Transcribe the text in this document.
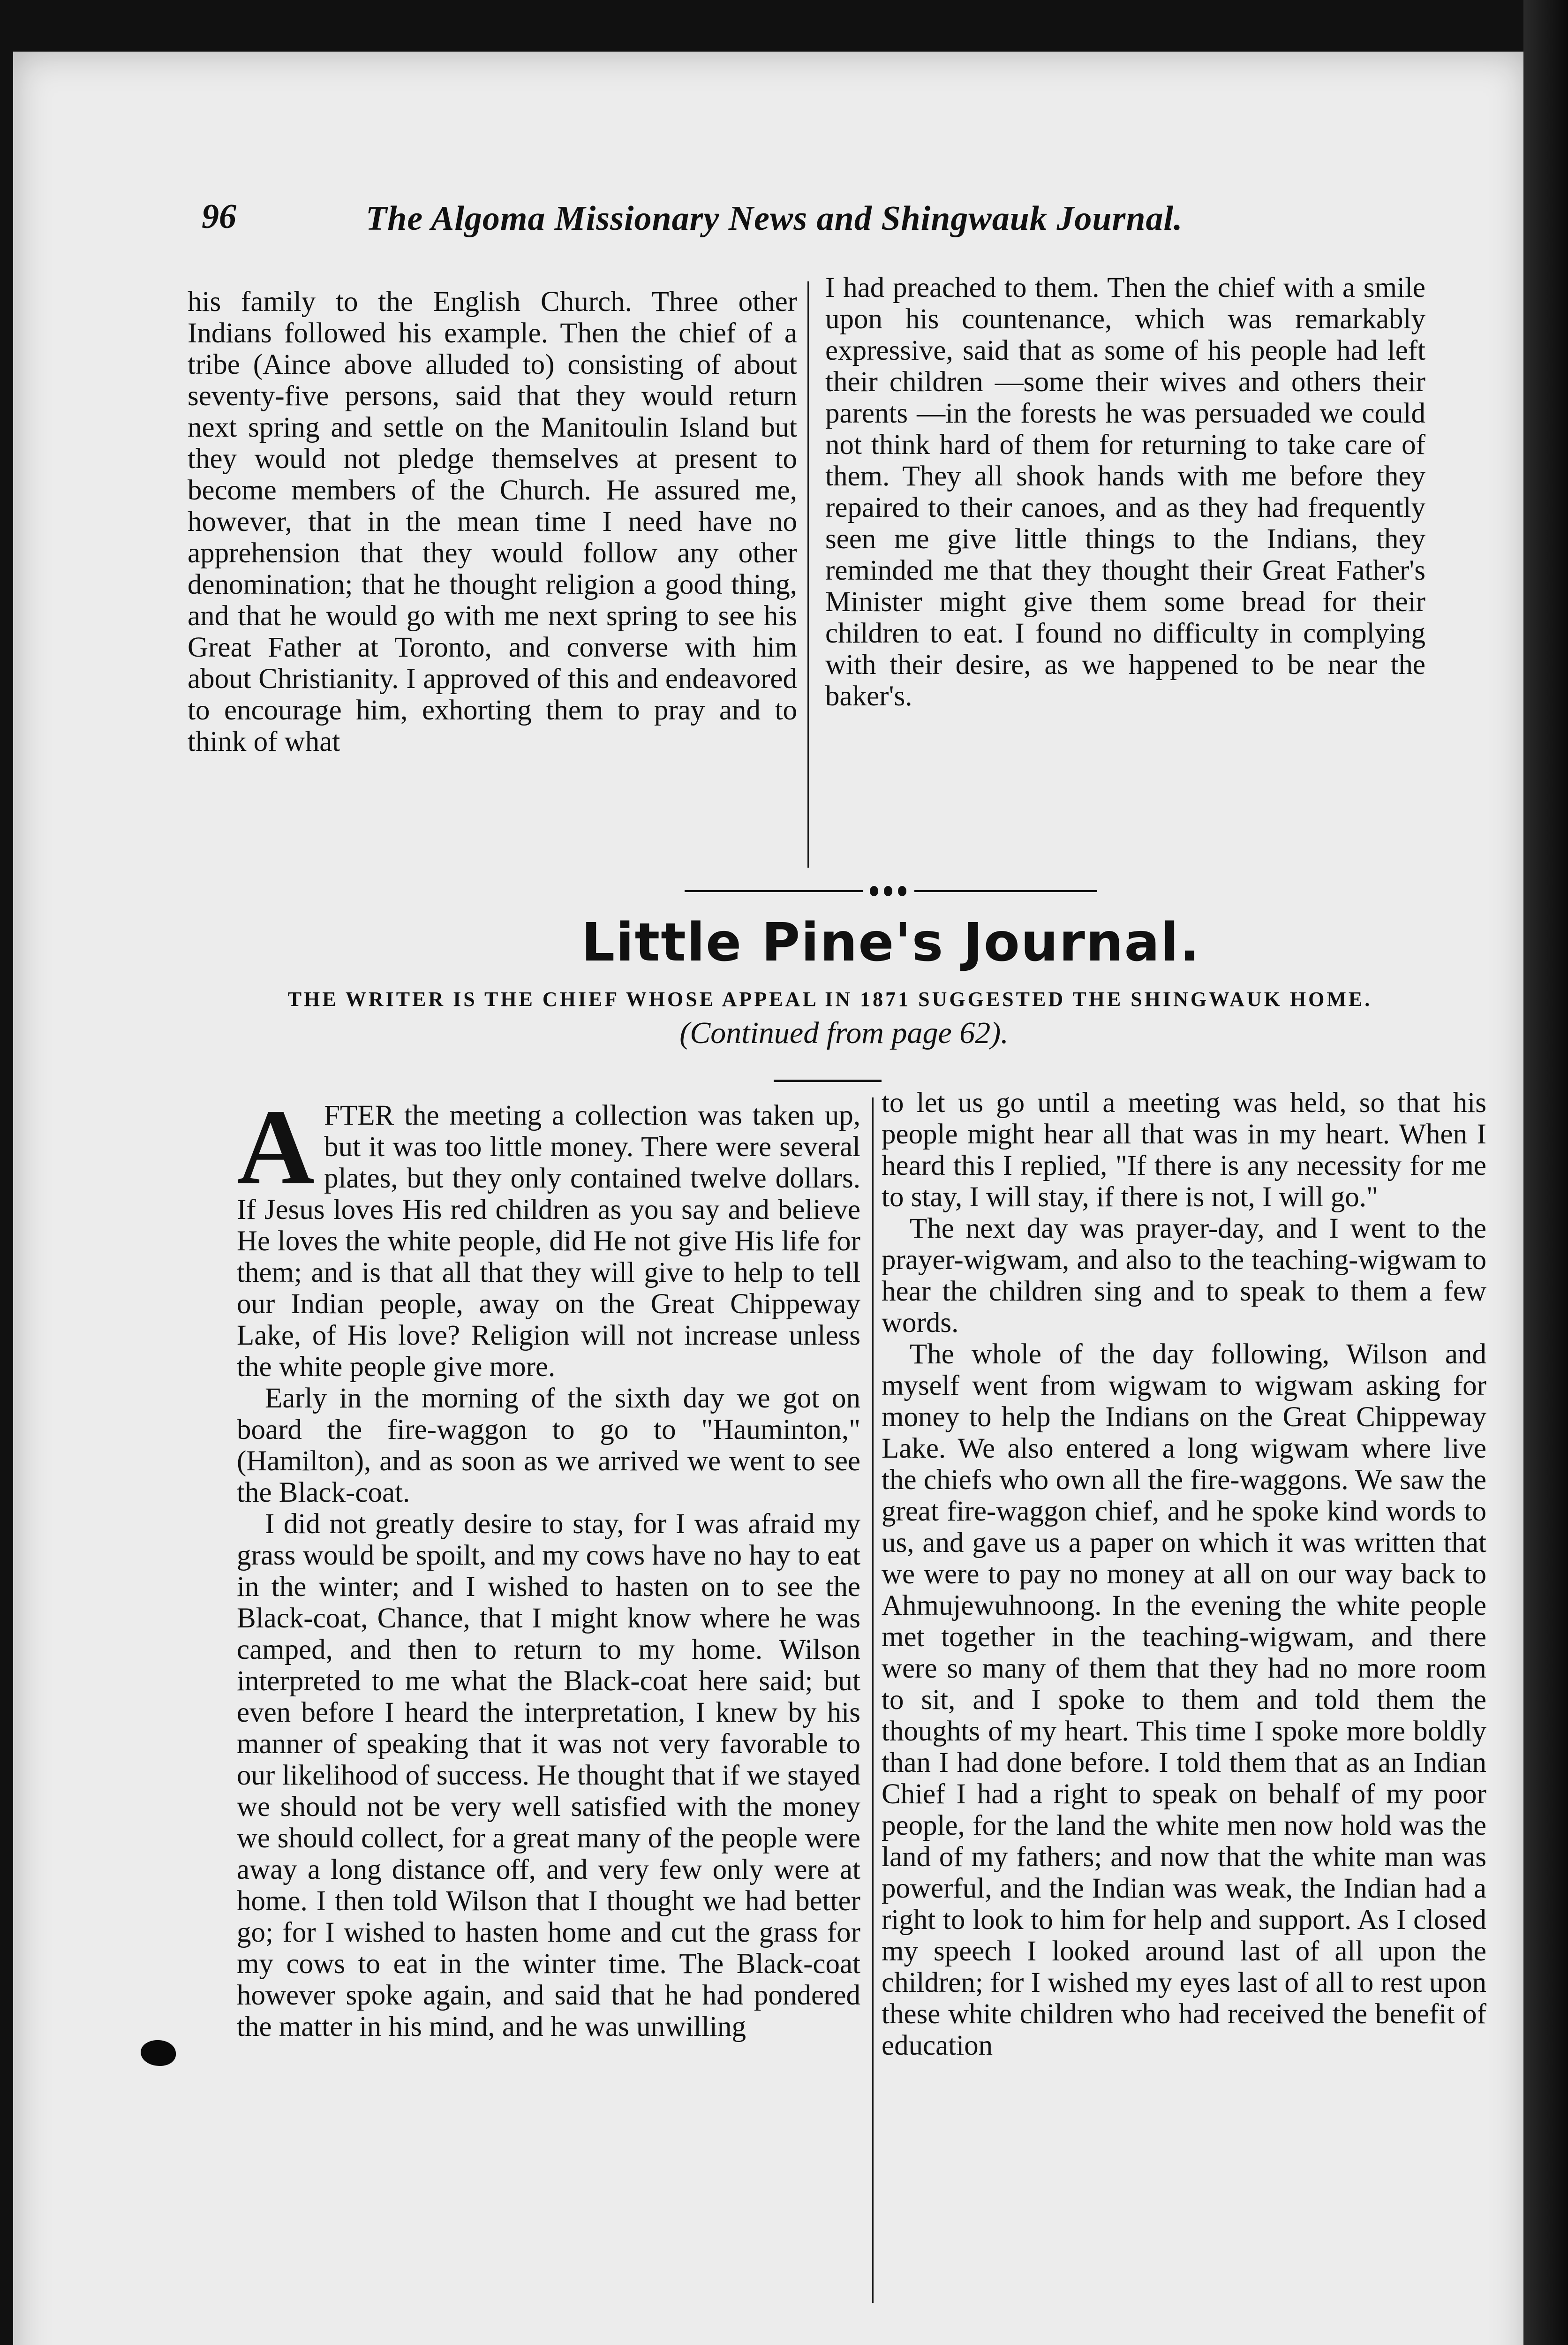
96	The Algoma Missionary News and Shingwauk Journal.

his family to the English Church. Three other Indians followed his example. Then the chief of a tribe (Aince above alluded to) consisting of about seventy-five persons, said that they would return next spring and settle on the Manitoulin Island but they would not pledge themselves at present to become members of the Church. He assured me, however, that in the mean time I need have no apprehension that they would follow any other denomination; that he thought religion a good thing, and that he would go with me next spring to see his Great Father at Toronto, and converse with him about Christianity. I approved of this and endeavored to encourage him, exhorting them to pray and to think of what

I had preached to them. Then the chief with a smile upon his countenance, which was remarkably expressive, said that as some of his people had left their children —some their wives and others their parents —in the forests he was persuaded we could not think hard of them for returning to take care of them. They all shook hands with me before they repaired to their canoes, and as they had frequently seen me give little things to the Indians, they reminded me that they thought their Great Father's Minister might give them some bread for their children to eat. I found no difficulty in complying with their desire, as we happened to be near the baker's.

Little Pine's Journal.
THE WRITER IS THE CHIEF WHOSE APPEAL IN 1871 SUGGESTED THE SHINGWAUK HOME.
(Continued from page 62).

AFTER the meeting a collection was taken up, but it was too little money. There were several plates, but they only contained twelve dollars. If Jesus loves His red children as you say and believe He loves the white people, did He not give His life for them; and is that all that they will give to help to tell our Indian people, away on the Great Chippeway Lake, of His love? Religion will not increase unless the white people give more.

Early in the morning of the sixth day we got on board the fire-waggon to go to "Hauminton," (Hamilton), and as soon as we arrived we went to see the Black-coat.

I did not greatly desire to stay, for I was afraid my grass would be spoilt, and my cows have no hay to eat in the winter; and I wished to hasten on to see the Black-coat, Chance, that I might know where he was camped, and then to return to my home. Wilson interpreted to me what the Black-coat here said; but even before I heard the interpretation, I knew by his manner of speaking that it was not very favorable to our likelihood of success. He thought that if we stayed we should not be very well satisfied with the money we should collect, for a great many of the people were away a long distance off, and very few only were at home. I then told Wilson that I thought we had better go; for I wished to hasten home and cut the grass for my cows to eat in the winter time. The Black-coat however spoke again, and said that he had pondered the matter in his mind, and he was unwilling

to let us go until a meeting was held, so that his people might hear all that was in my heart. When I heard this I replied, "If there is any necessity for me to stay, I will stay, if there is not, I will go."

The next day was prayer-day, and I went to the prayer-wigwam, and also to the teaching-wigwam to hear the children sing and to speak to them a few words.

The whole of the day following, Wilson and myself went from wigwam to wigwam asking for money to help the Indians on the Great Chippeway Lake. We also entered a long wigwam where live the chiefs who own all the fire-waggons. We saw the great fire-waggon chief, and he spoke kind words to us, and gave us a paper on which it was written that we were to pay no money at all on our way back to Ahmujewuhnoong. In the evening the white people met together in the teaching-wigwam, and there were so many of them that they had no more room to sit, and I spoke to them and told them the thoughts of my heart. This time I spoke more boldly than I had done before. I told them that as an Indian Chief I had a right to speak on behalf of my poor people, for the land the white men now hold was the land of my fathers; and now that the white man was powerful, and the Indian was weak, the Indian had a right to look to him for help and support. As I closed my speech I looked around last of all upon the children; for I wished my eyes last of all to rest upon these white children who had received the benefit of education
